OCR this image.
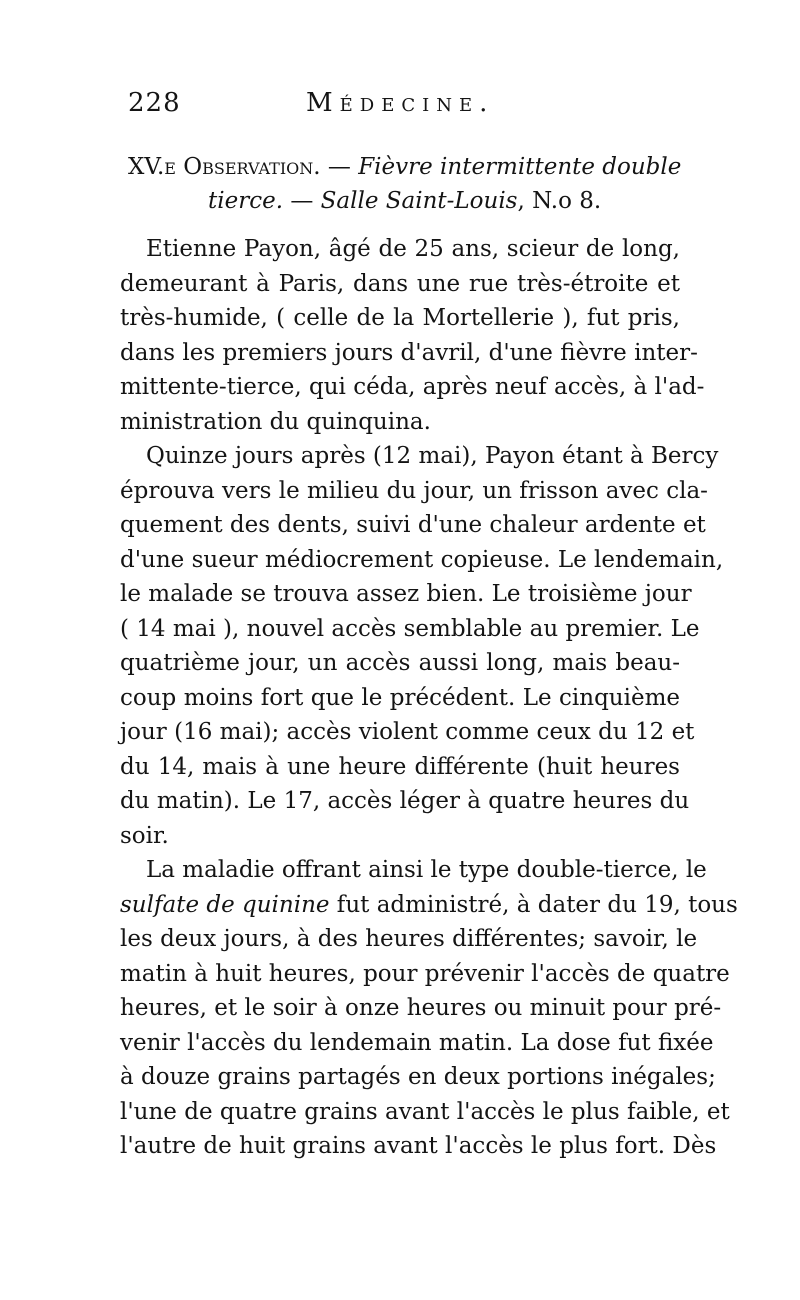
228	Médecine.
XV.e Observation. — Fièvre intermittente double
tierce. — Salle Saint-Louis, N.o 8.
Etienne Payon, âgé de 25 ans, scieur de long,
demeurant à Paris, dans une rue très-étroite et
très-humide, ( celle de la Mortellerie ), fut pris,
dans les premiers jours d'avril, d'une fièvre inter-
mittente-tierce, qui céda, après neuf accès, à l'ad-
ministration du quinquina.
Quinze jours après (12 mai), Payon étant à Bercy
éprouva vers le milieu du jour, un frisson avec cla-
quement des dents, suivi d'une chaleur ardente et
d'une sueur médiocrement copieuse. Le lendemain,
le malade se trouva assez bien. Le troisième jour
( 14 mai ), nouvel accès semblable au premier. Le
quatrième jour, un accès aussi long, mais beau-
coup moins fort que le précédent. Le cinquième
jour (16 mai); accès violent comme ceux du 12 et
du 14, mais à une heure différente (huit heures
du matin). Le 17, accès léger à quatre heures du
soir.
La maladie offrant ainsi le type double-tierce, le
sulfate de quinine fut administré, à dater du 19, tous
les deux jours, à des heures différentes; savoir, le
matin à huit heures, pour prévenir l'accès de quatre
heures, et le soir à onze heures ou minuit pour pré-
venir l'accès du lendemain matin. La dose fut fixée
à douze grains partagés en deux portions inégales;
l'une de quatre grains avant l'accès le plus faible, et
l'autre de huit grains avant l'accès le plus fort. Dès
